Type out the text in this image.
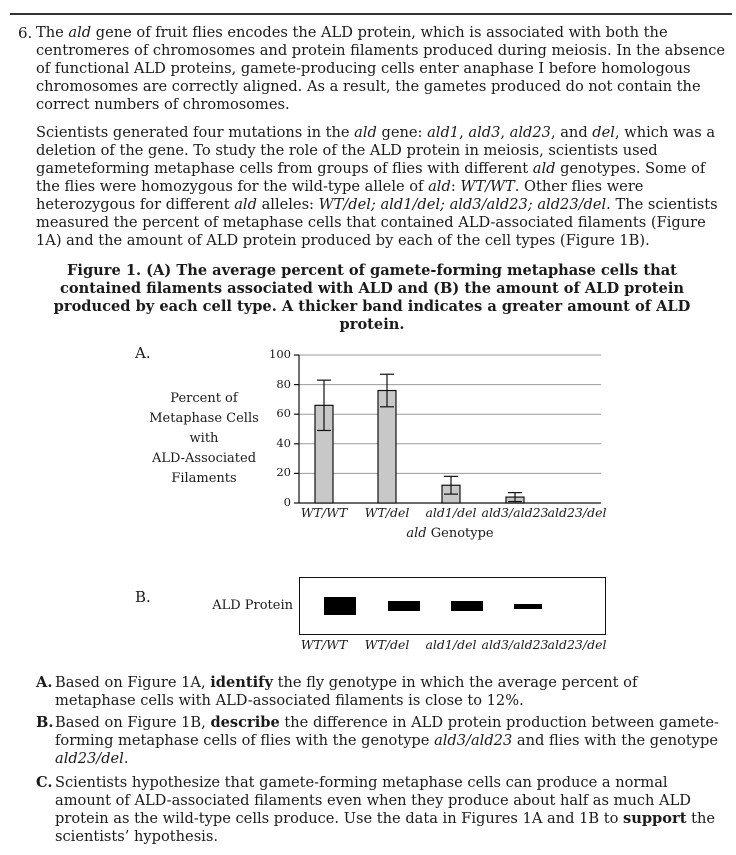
6. The ald gene of fruit flies encodes the ALD protein, which is associated with both the centromeres of chromosomes and protein filaments produced during meiosis. In the absence of functional ALD proteins, gamete-producing cells enter anaphase I before homologous chromosomes are correctly aligned. As a result, the gametes produced do not contain the correct numbers of chromosomes.

Scientists generated four mutations in the ald gene: ald1, ald3, ald23, and del, which was a deletion of the gene. To study the role of the ALD protein in meiosis, scientists used gameteforming metaphase cells from groups of flies with different ald genotypes. Some of the flies were homozygous for the wild-type allele of ald: WT/WT. Other flies were heterozygous for different ald alleles: WT/del; ald1/del; ald3/ald23; ald23/del. The scientists measured the percent of metaphase cells that contained ALD-associated filaments (Figure 1A) and the amount of ALD protein produced by each of the cell types (Figure 1B).

Figure 1. (A) The average percent of gamete-forming metaphase cells that contained filaments associated with ALD and (B) the amount of ALD protein produced by each cell type. A thicker band indicates a greater amount of ALD protein.
A.
Percent of
Metaphase Cells with
ALD-Associated
Filaments
0
20
40
60
80
100
WT/WT	WT/del	ald1/del ald3/ald23 ald23/del
ald Genotype
B.	ALD Protein
WT/WT	WT/del	ald1/del ald3/ald23 ald23/del
A. Based on Figure 1A, identify the fly genotype in which the average percent of metaphase cells with ALD-associated filaments is close to 12%.
B. Based on Figure 1B, describe the difference in ALD protein production between gamete-forming metaphase cells of flies with the genotype ald3/ald23 and flies with the genotype ald23/del.
C. Scientists hypothesize that gamete-forming metaphase cells can produce a normal amount of ALD-associated filaments even when they produce about half as much ALD protein as the wild-type cells produce. Use the data in Figures 1A and 1B to support the scientists’ hypothesis.
